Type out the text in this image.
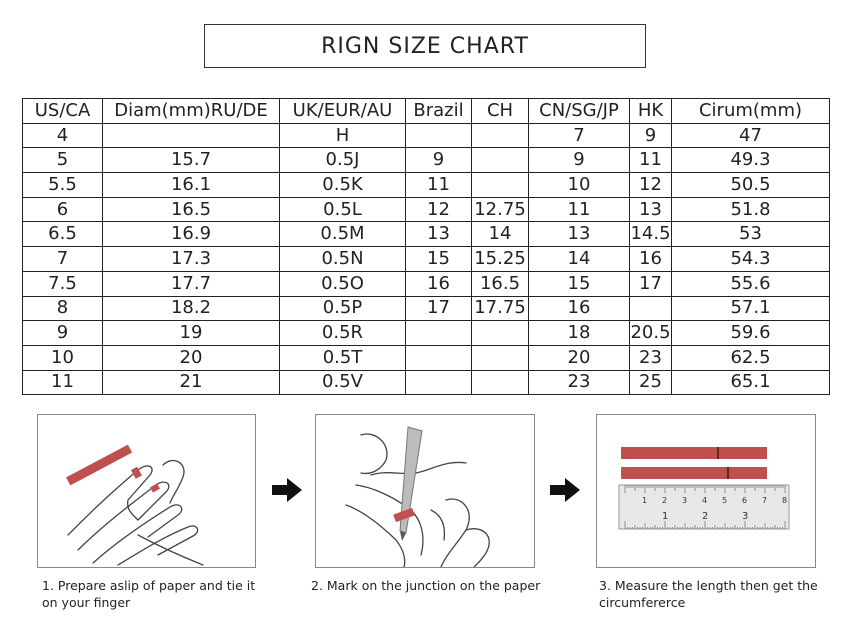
RIGN SIZE CHART
US/CA	Diam(mm)RU/DE	UK/EUR/AU	Brazil	CH	CN/SG/JP	HK	Cirum(mm)
4		H			7	9	47
5	15.7	0.5J	9		9	11	49.3
5.5	16.1	0.5K	11		10	12	50.5
6	16.5	0.5L	12	12.75	11	13	51.8
6.5	16.9	0.5M	13	14	13	14.5	53
7	17.3	0.5N	15	15.25	14	16	54.3
7.5	17.7	0.5O	16	16.5	15	17	55.6
8	18.2	0.5P	17	17.75	16		57.1
9	19	0.5R			18	20.5	59.6
10	20	0.5T			20	23	62.5
11	21	0.5V			23	25	65.1
1 2 3 4 5 6 7 8
1	2	3
1. Prepare aslip of paper and tie it
on your finger
2. Mark on the junction on the paper	3. Measure the length then get the
circumfererce
